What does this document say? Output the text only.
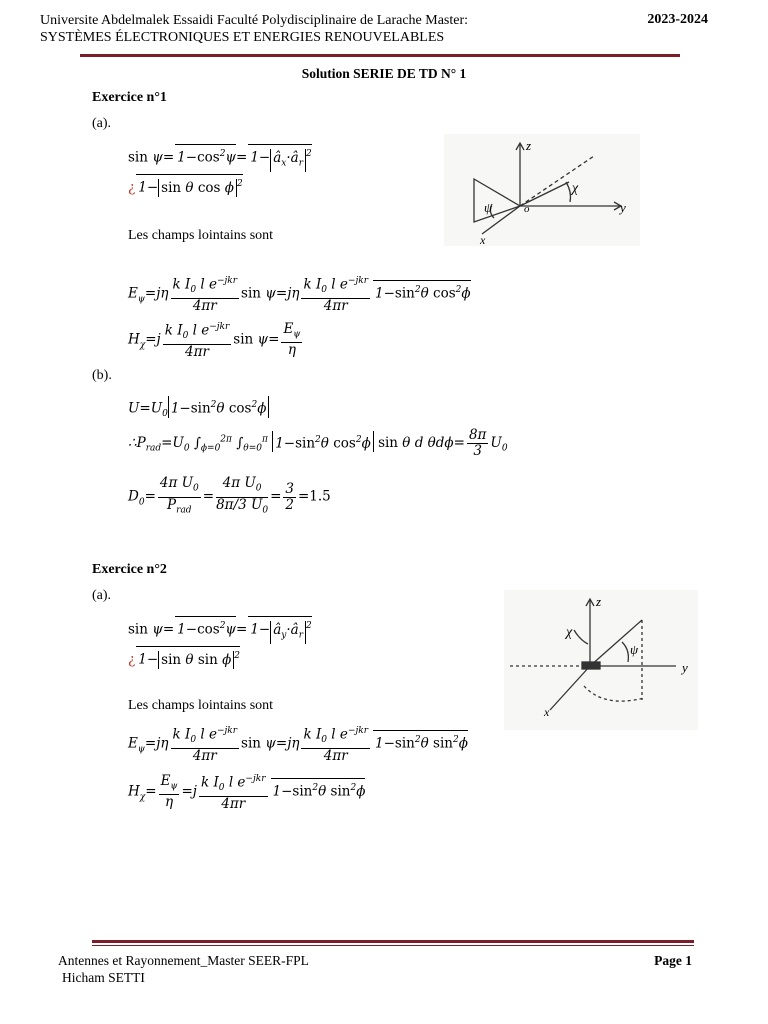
Universite Abdelmalek Essaidi Faculté Polydisciplinaire de Larache Master:
SYSTÈMES ÉLECTRONIQUES ET ENERGIES RENOUVELABLES
2023-2024
Solution SERIE DE TD N° 1
Exercice n°1
(a).
$\sin \psi= 1-\cos^2\psi= 1-$ $â_x\cdot â_r^2$
¿ 1− sin θ cos ϕ $^2$
z
y
x
o
χ
ψ
Les champs lointains sont
$E_\psi=j\eta \frac{k I_0 l e^{-jkr}}{4\pi r}$ $\sin \psi=j\eta \frac{k I_0 l e^{-jkr}}{4\pi r} 1-\sin^2\theta$ $\cos^2\phi$
$H_\chi=j \frac{k I_0 l e^{-jkr}}{4\pi r}$ $\sin \psi= \frac{E_\psi}{\eta}$
(b).
$U=U_0$ $1-\sin^2\theta$ $\cos^2\phi$
$\therefore P_{rad}=U_0$ $\int_{\phi=0}^{2\pi}$ $\int_{\theta=0}^\pi$ $1-\sin^2\theta$ $\cos^2\phi$ sin θ d $\theta d\phi= \frac{8\pi}{3} U_0$
$D_0= \frac{4\pi U_0}{P_{rad}} = \frac{4\pi U_0}{8\pi/3 U_0} = \frac{3}{2} =1.5$
Exercice n°2
(a).
$\sin \psi= 1-\cos^2\psi= 1-$ $â_y\cdot â_r^2$
¿ 1− sin θ sin ϕ $^2$
z
y
x
χ
ψ
Les champs lointains sont
$E_\psi=j\eta \frac{k I_0 l e^{-jkr}}{4\pi r}$ $\sin \psi=j\eta \frac{k I_0 l e^{-jkr}}{4\pi r} 1-\sin^2\theta$ $\sin^2\phi$
$H_\chi= \frac{E_\psi}{\eta} =j \frac{k I_0 l e^{-jkr}}{4\pi r} 1-\sin^2\theta$ $\sin^2\phi$
Antennes et Rayonnement_Master SEER-FPL
Hicham SETTI
Page 1
